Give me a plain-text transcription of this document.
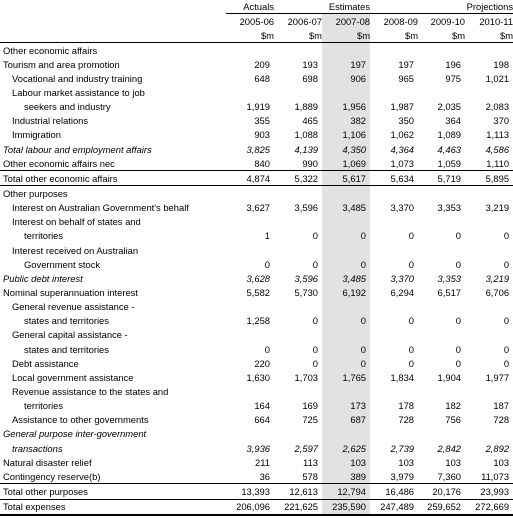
	Actuals	Estimates		Projections		
	2005-06	2006-07	2007-08	2008-09	2009-10	2010-11
	$m	$m	$m	$m	$m	$m
Other economic affairs						
Tourism and area promotion	209	193	197	197	196	198
Vocational and industry training	648	698	906	965	975	1,021
Labour market assistance to job						
seekers and industry	1,919	1,889	1,956	1,987	2,035	2,083
Industrial relations	355	465	382	350	364	370
Immigration	903	1,088	1,106	1,062	1,089	1,113
Total labour and employment affairs	3,825	4,139	4,350	4,364	4,463	4,586
Other economic affairs nec	840	990	1,069	1,073	1,059	1,110
Total other economic affairs	4,874	5,322	5,617	5,634	5,719	5,895
Other purposes						
Interest on Australian Government's behalf	3,627	3,596	3,485	3,370	3,353	3,219
Interest on behalf of states and						
territories	1	0	0	0	0	0
Interest received on Australian						
Government stock	0	0	0	0	0	0
Public debt interest	3,628	3,596	3,485	3,370	3,353	3,219
Nominal superannuation interest	5,582	5,730	6,192	6,294	6,517	6,706
General revenue assistance -						
states and territories	1,258	0	0	0	0	0
General capital assistance -						
states and territories	0	0	0	0	0	0
Debt assistance	220	0	0	0	0	0
Local government assistance	1,630	1,703	1,765	1,834	1,904	1,977
Revenue assistance to the states and						
territories	164	169	173	178	182	187
Assistance to other governments	664	725	687	728	756	728
General purpose inter-government						
transactions	3,936	2,597	2,625	2,739	2,842	2,892
Natural disaster relief	211	113	103	103	103	103
Contingency reserve(b)	36	578	389	3,979	7,360	11,073
Total other purposes	13,393	12,613	12,794	16,486	20,176	23,993
Total expenses	206,096	221,625	235,590	247,489	259,652	272,669
